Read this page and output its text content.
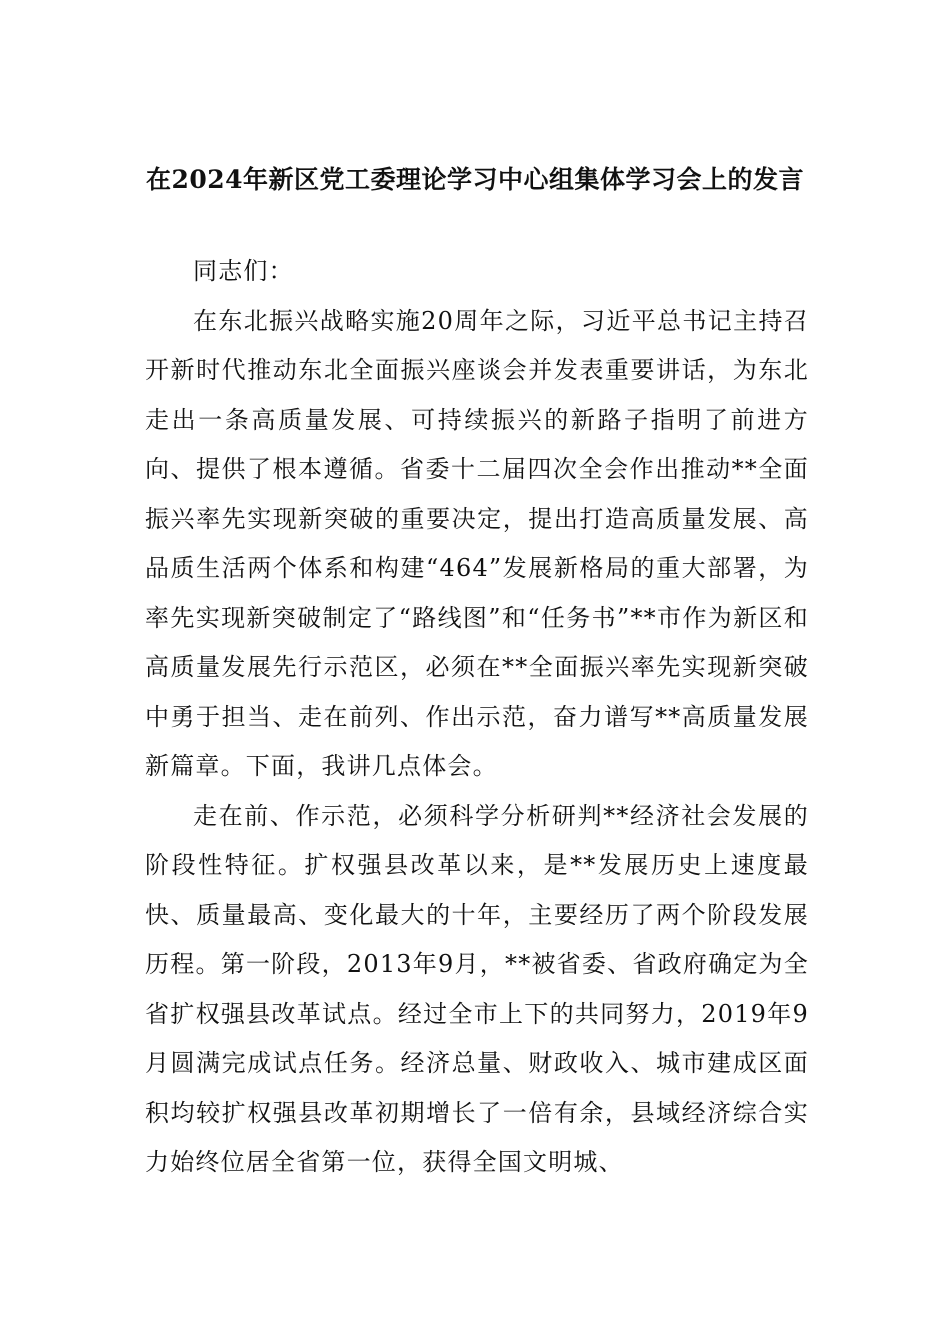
在2024年新区党工委理论学习中心组集体学习会上的发言

同志们：

在东北振兴战略实施20周年之际，习近平总书记主持召开新时代推动东北全面振兴座谈会并发表重要讲话，为东北走出一条高质量发展、可持续振兴的新路子指明了前进方向、提供了根本遵循。省委十二届四次全会作出推动**全面振兴率先实现新突破的重要决定，提出打造高质量发展、高品质生活两个体系和构建“464”发展新格局的重大部署，为率先实现新突破制定了“路线图”和“任务书”**市作为新区和高质量发展先行示范区，必须在**全面振兴率先实现新突破中勇于担当、走在前列、作出示范，奋力谱写**高质量发展新篇章。下面，我讲几点体会。

走在前、作示范，必须科学分析研判**经济社会发展的阶段性特征。扩权强县改革以来，是**发展历史上速度最快、质量最高、变化最大的十年，主要经历了两个阶段发展历程。第一阶段，2013年9月，**被省委、省政府确定为全省扩权强县改革试点。经过全市上下的共同努力，2019年9月圆满完成试点任务。经济总量、财政收入、城市建成区面积均较扩权强县改革初期增长了一倍有余，县域经济综合实力始终位居全省第一位，获得全国文明城、
